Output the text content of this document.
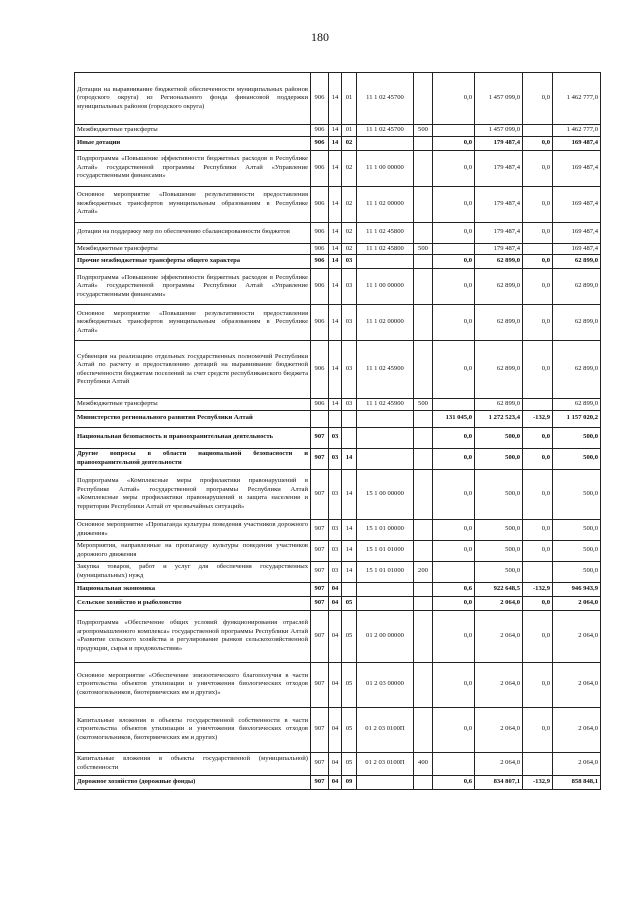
180
Дотации на выравнивание бюджетной обеспеченности муниципальных районов (городского округа) из Регионального фонда финансовой поддержки муниципальных районов (городского округа)	906	14	01	11 1 02 45700		0,0	1 457 099,0	0,0	1 462 777,0
Межбюджетные трансферты	906	14	01	11 1 02 45700	500		1 457 099,0		1 462 777,0
Иные дотации	906	14	02			0,0	179 487,4	0,0	169 487,4
Подпрограмма «Повышение эффективности бюджетных расходов в Республике Алтай» государственной программы Республики Алтай «Управление государственными финансами»	906	14	02	11 1 00 00000		0,0	179 487,4	0,0	169 487,4
Основное мероприятие «Повышение результативности предоставления межбюджетных трансфертов муниципальным образованиям в Республике Алтай»	906	14	02	11 1 02 00000		0,0	179 487,4	0,0	169 487,4
Дотации на поддержку мер по обеспечению сбалансированности бюджетов	906	14	02	11 1 02 45800		0,0	179 487,4	0,0	169 487,4
Межбюджетные трансферты	906	14	02	11 1 02 45800	500		179 487,4		169 487,4
Прочие межбюджетные трансферты общего характера	906	14	03			0,0	62 899,0	0,0	62 899,0
Подпрограмма «Повышение эффективности бюджетных расходов в Республике Алтай» государственной программы Республики Алтай «Управление государственными финансами»	906	14	03	11 1 00 00000		0,0	62 899,0	0,0	62 899,0
Основное мероприятие «Повышение результативности предоставления межбюджетных трансфертов муниципальным образованиям в Республике Алтай»	906	14	03	11 1 02 00000		0,0	62 899,0	0,0	62 899,0
Субвенция на реализацию отдельных государственных полномочий Республики Алтай по расчету и предоставлению дотаций на выравнивание бюджетной обеспеченности бюджетам поселений за счет средств республиканского бюджета Республики Алтай	906	14	03	11 1 02 45900		0,0	62 899,0	0,0	62 899,0
Межбюджетные трансферты	906	14	03	11 1 02 45900	500		62 899,0		62 899,0
Министерство регионального развития Республики Алтай						131 045,0	1 272 523,4	-132,9	1 157 020,2
Национальная безопасность и правоохранительная деятельность	907	03				0,0	500,0	0,0	500,0
Другие вопросы в области национальной безопасности и правоохранительной деятельности	907	03	14			0,0	500,0	0,0	500,0
Подпрограмма «Комплексные меры профилактики правонарушений в Республике Алтай» государственной программы Республики Алтай «Комплексные меры профилактики правонарушений и защита населения и территории Республики Алтай от чрезвычайных ситуаций»	907	03	14	15 1 00 00000		0,0	500,0	0,0	500,0
Основное мероприятие «Пропаганда культуры поведения участников дорожного движения»	907	03	14	15 1 01 00000		0,0	500,0	0,0	500,0
Мероприятия, направленные на пропаганду культуры поведения участников дорожного движения	907	03	14	15 1 01 01000		0,0	500,0	0,0	500,0
Закупка товаров, работ и услуг для обеспечения государственных (муниципальных) нужд	907	03	14	15 1 01 01000	200		500,0		500,0
Национальная экономика	907	04				0,6	922 648,5	-132,9	946 943,9
Сельское хозяйство и рыболовство	907	04	05			0,0	2 064,0	0,0	2 064,0
Подпрограмма «Обеспечение общих условий функционирования отраслей агропромышленного комплекса» государственной программы Республики Алтай «Развитие сельского хозяйства и регулирование рынков сельскохозяйственной продукции, сырья и продовольствия»	907	04	05	01 2 00 00000		0,0	2 064,0	0,0	2 064,0
Основное мероприятие «Обеспечение эпизоотического благополучия в части строительства объектов утилизации и уничтожения биологических отходов (скотомогильников, биотермических ям и других)»	907	04	05	01 2 03 00000		0,0	2 064,0	0,0	2 064,0
Капитальные вложения в объекты государственной собственности в части строительства объектов утилизации и уничтожения биологических отходов (скотомогильников, биотермических ям и других)	907	04	05	01 2 03 0100П		0,0	2 064,0	0,0	2 064,0
Капитальные вложения в объекты государственной (муниципальной) собственности	907	04	05	01 2 03 0100П	400		2 064,0		2 064,0
Дорожное хозяйство (дорожные фонды)	907	04	09			0,6	834 807,1	-132,9	858 848,1
